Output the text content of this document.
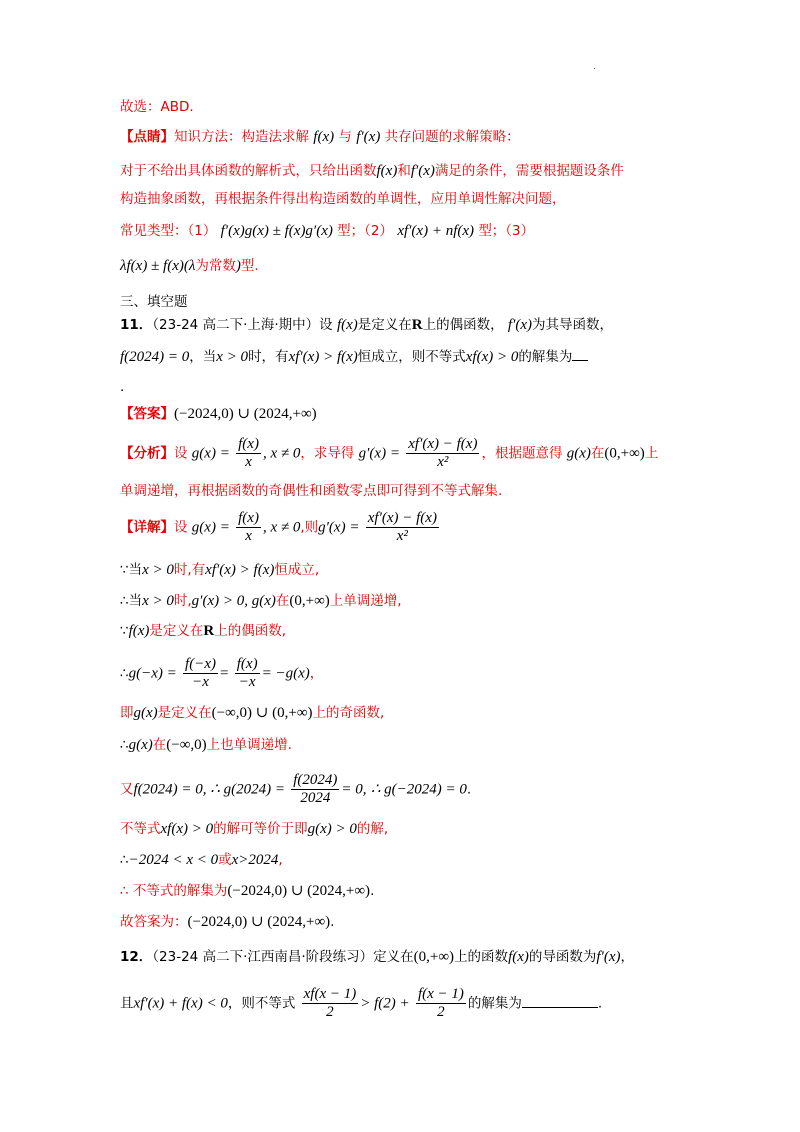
.
故选：ABD.
【点睛】知识方法：构造法求解 f(x) 与 f′(x) 共存问题的求解策略：
对于不给出具体函数的解析式，只给出函数f(x)和f′(x)满足的条件，需要根据题设条件
构造抽象函数，再根据条件得出构造函数的单调性，应用单调性解决问题，
常见类型：（1） f′(x)g(x) ± f(x)g′(x) 型；（2） xf′(x) + nf(x) 型；（3）
λf(x) ± f(x)(λ为常数)型.
三、填空题
11．（23-24 高二下·上海·期中）设 f(x)是定义在R上的偶函数， f′(x)为其导函数，
f(2024) = 0，当x > 0时，有xf′(x) > f(x)恒成立，则不等式xf(x) > 0的解集为
.
【答案】(−2024,0) ∪ (2024,+∞)
【分析】设 $g(x) = \frac{f(x)}{x}$ , x ≠ 0，求导得 $g'(x) = \frac{xf'(x) - f(x)}{\text{x²}}$ ，根据题意得 g(x)在(0,+∞)上
单调递增，再根据函数的奇偶性和函数零点即可得到不等式解集.
【详解】设 $g(x) = \frac{f(x)}{x}$ , x ≠ 0,则$g'(x) = \frac{xf'(x) - f(x)}{\text{x²}}$
∵当x > 0时,有xf′(x) > f(x)恒成立,
∴当x > 0时,g′(x) > 0, g(x)在(0,+∞)上单调递增,
∵f(x)是定义在R上的偶函数,
∴g(−x) = $\frac{f(-x)}{-x} = \frac{f(x)}{-x} = -g(x)$，
即g(x)是定义在(−∞,0) ∪ (0,+∞)上的奇函数,
∴g(x)在(−∞,0)上也单调递增.
又f(2024) = 0, ∴ $g(2024) = \frac{f(2024)}{2024} = 0$, ∴ g(−2024) = 0.
不等式xf(x) > 0的解可等价于即g(x) > 0的解,
∴−2024 < x < 0或x>2024,
∴ 不等式的解集为(−2024,0) ∪ (2024,+∞).
故答案为：(−2024,0) ∪ (2024,+∞).
12．（23-24 高二下·江西南昌·阶段练习）定义在(0,+∞)上的函数f(x)的导函数为f′(x)，
且xf′(x) + f(x) < 0，则不等式 $\frac{xf(x - 1)}{2} > f(2) + \frac{f(x - 1)}{2}$ 的解集为	.
